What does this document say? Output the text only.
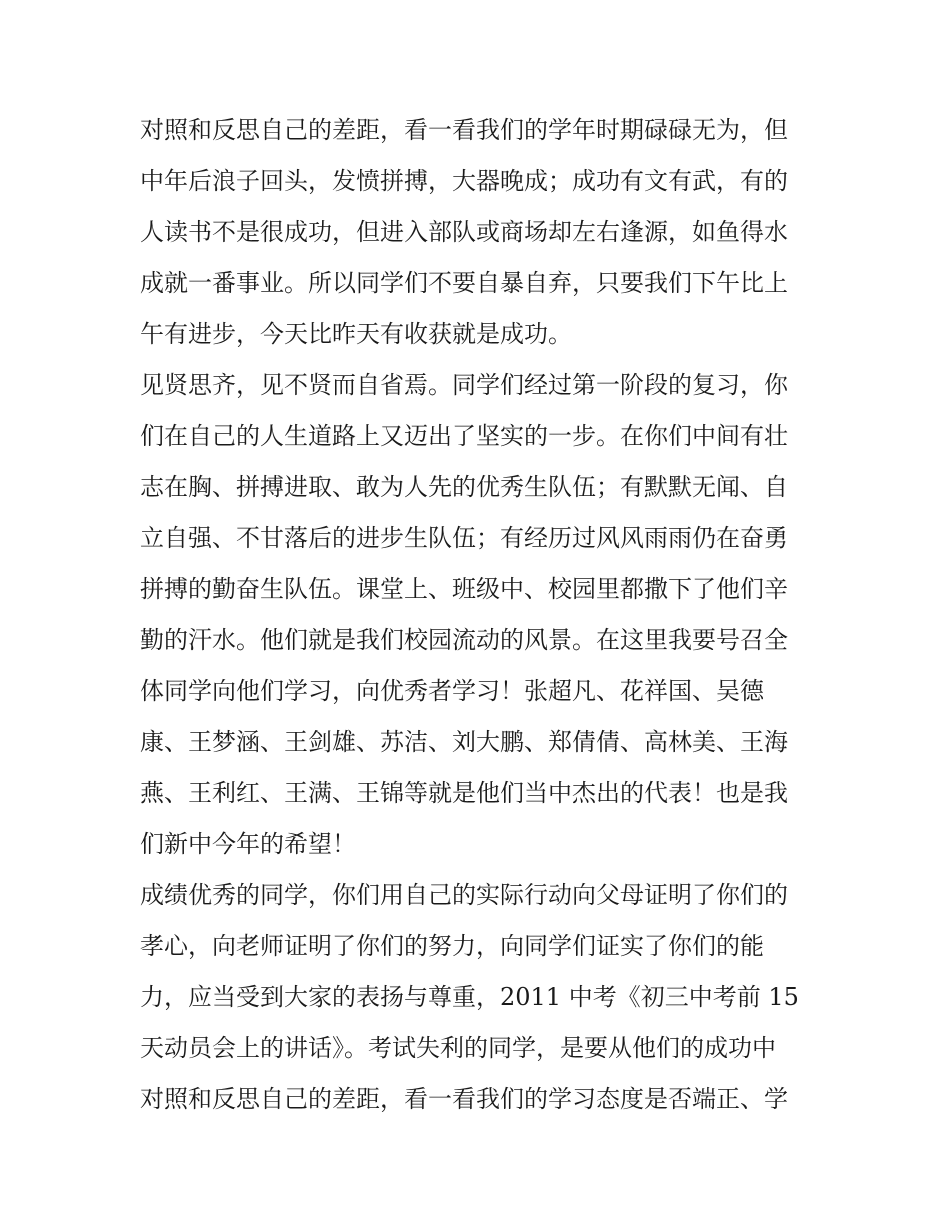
对照和反思自己的差距，看一看我们的学年时期碌碌无为，但
中年后浪子回头，发愤拼搏，大器晚成；成功有文有武，有的
人读书不是很成功，但进入部队或商场却左右逢源，如鱼得水
成就一番事业。所以同学们不要自暴自弃，只要我们下午比上
午有进步，今天比昨天有收获就是成功。
见贤思齐，见不贤而自省焉。同学们经过第一阶段的复习，你
们在自己的人生道路上又迈出了坚实的一步。在你们中间有壮
志在胸、拼搏进取、敢为人先的优秀生队伍；有默默无闻、自
立自强、不甘落后的进步生队伍；有经历过风风雨雨仍在奋勇
拼搏的勤奋生队伍。课堂上、班级中、校园里都撒下了他们辛
勤的汗水。他们就是我们校园流动的风景。在这里我要号召全
体同学向他们学习，向优秀者学习！张超凡、花祥国、吴德
康、王梦涵、王剑雄、苏洁、刘大鹏、郑倩倩、高林美、王海
燕、王利红、王满、王锦等就是他们当中杰出的代表！也是我
们新中今年的希望！
成绩优秀的同学，你们用自己的实际行动向父母证明了你们的
孝心，向老师证明了你们的努力，向同学们证实了你们的能
力，应当受到大家的表扬与尊重，2011 中考《初三中考前 15
天动员会上的讲话》。考试失利的同学，是要从他们的成功中
对照和反思自己的差距，看一看我们的学习态度是否端正、学
